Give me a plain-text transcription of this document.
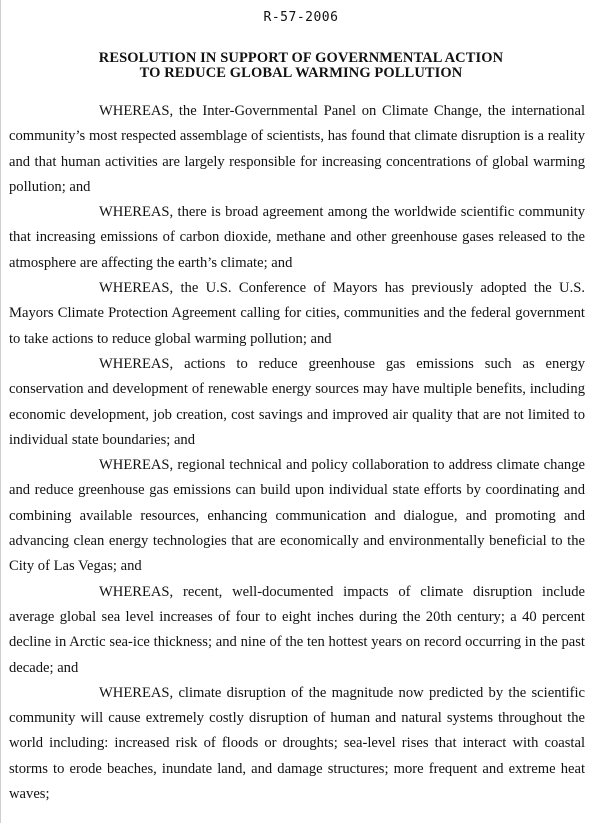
R-57-2006
RESOLUTION IN SUPPORT OF GOVERNMENTAL ACTION
TO REDUCE GLOBAL WARMING POLLUTION

WHEREAS, the Inter-Governmental Panel on Climate Change, the international community’s most respected assemblage of scientists, has found that climate disruption is a reality and that human activities are largely responsible for increasing concentrations of global warming pollution; and

WHEREAS, there is broad agreement among the worldwide scientific community that increasing emissions of carbon dioxide, methane and other greenhouse gases released to the atmosphere are affecting the earth’s climate; and

WHEREAS, the U.S. Conference of Mayors has previously adopted the U.S. Mayors Climate Protection Agreement calling for cities, communities and the federal government to take actions to reduce global warming pollution; and

WHEREAS, actions to reduce greenhouse gas emissions such as energy conservation and development of renewable energy sources may have multiple benefits, including economic development, job creation, cost savings and improved air quality that are not limited to individual state boundaries; and

WHEREAS, regional technical and policy collaboration to address climate change and reduce greenhouse gas emissions can build upon individual state efforts by coordinating and combining available resources, enhancing communication and dialogue, and promoting and advancing clean energy technologies that are economically and environmentally beneficial to the City of Las Vegas; and

WHEREAS, recent, well-documented impacts of climate disruption include average global sea level increases of four to eight inches during the 20th century; a 40 percent decline in Arctic sea-ice thickness; and nine of the ten hottest years on record occurring in the past decade; and

WHEREAS, climate disruption of the magnitude now predicted by the scientific community will cause extremely costly disruption of human and natural systems throughout the world including: increased risk of floods or droughts; sea-level rises that interact with coastal storms to erode beaches, inundate land, and damage structures; more frequent and extreme heat waves;
